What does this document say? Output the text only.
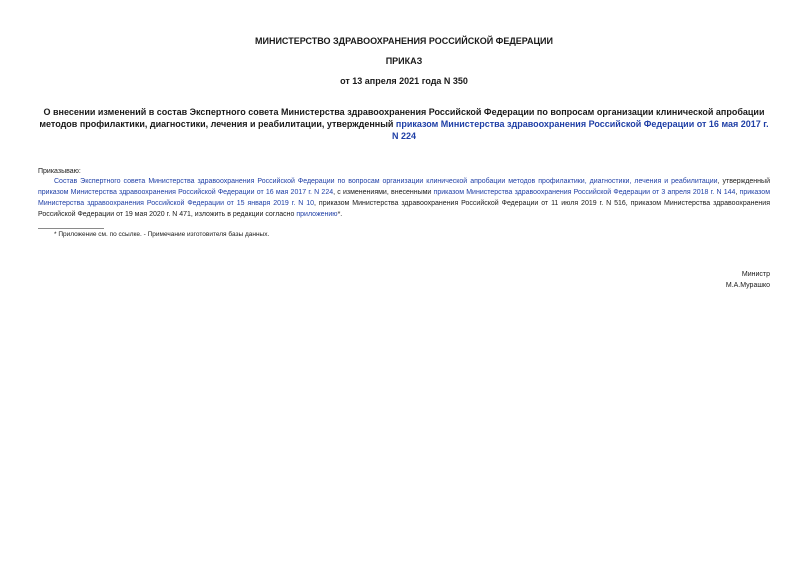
МИНИСТЕРСТВО ЗДРАВООХРАНЕНИЯ РОССИЙСКОЙ ФЕДЕРАЦИИ

ПРИКАЗ

от 13 апреля 2021 года N 350

О внесении изменений в состав Экспертного совета Министерства здравоохранения Российской Федерации по вопросам организации клинической апробации методов профилактики, диагностики, лечения и реабилитации, утвержденный приказом Министерства здравоохранения Российской Федерации от 16 мая 2017 г. N 224

Приказываю:

Состав Экспертного совета Министерства здравоохранения Российской Федерации по вопросам организации клинической апробации методов профилактики, диагностики, лечения и реабилитации, утвержденный приказом Министерства здравоохранения Российской Федерации от 16 мая 2017 г. N 224, с изменениями, внесенными приказом Министерства здравоохранения Российской Федерации от 3 апреля 2018 г. N 144, приказом Министерства здравоохранения Российской Федерации от 15 января 2019 г. N 10, приказом Министерства здравоохранения Российской Федерации от 11 июля 2019 г. N 516, приказом Министерства здравоохранения Российской Федерации от 19 мая 2020 г. N 471, изложить в редакции согласно приложению*.

* Приложение см. по ссылке. - Примечание изготовителя базы данных.

Министр
М.А.Мурашко
